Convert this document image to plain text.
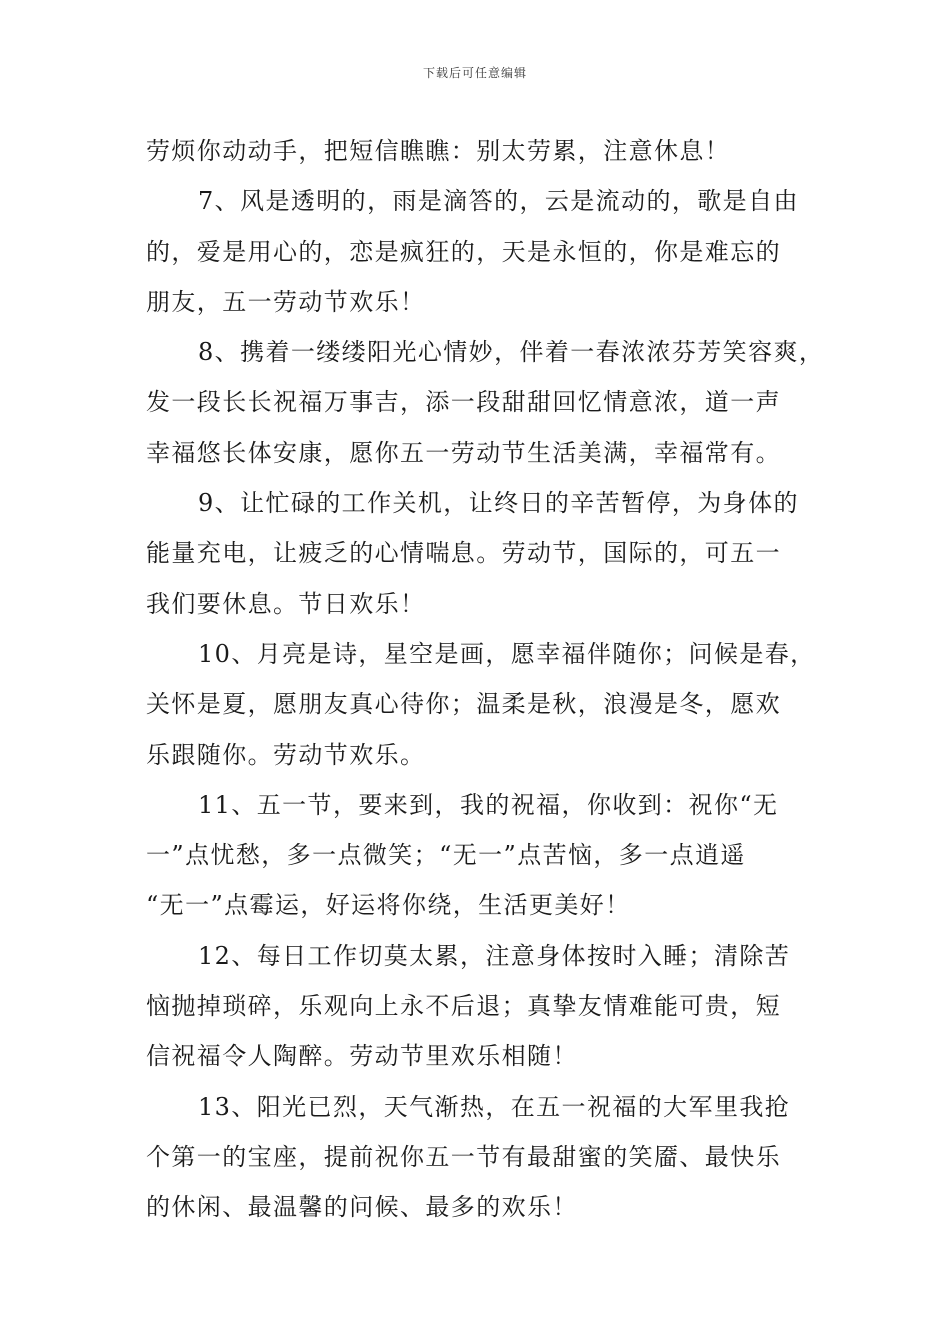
下载后可任意编辑
劳烦你动动手，把短信瞧瞧：别太劳累，注意休息！
7、风是透明的，雨是滴答的，云是流动的，歌是自由
的，爱是用心的，恋是疯狂的，天是永恒的，你是难忘的
朋友，五一劳动节欢乐！
8、携着一缕缕阳光心情妙，伴着一春浓浓芬芳笑容爽，
发一段长长祝福万事吉，添一段甜甜回忆情意浓，道一声
幸福悠长体安康，愿你五一劳动节生活美满，幸福常有。
9、让忙碌的工作关机，让终日的辛苦暂停，为身体的
能量充电，让疲乏的心情喘息。劳动节，国际的，可五一
我们要休息。节日欢乐！
10、月亮是诗，星空是画，愿幸福伴随你；问候是春，
关怀是夏，愿朋友真心待你；温柔是秋，浪漫是冬，愿欢
乐跟随你。劳动节欢乐。
11、五一节，要来到，我的祝福，你收到：祝你“无
一”点忧愁，多一点微笑；“无一”点苦恼，多一点逍遥
“无一”点霉运，好运将你绕，生活更美好！
12、每日工作切莫太累，注意身体按时入睡；清除苦
恼抛掉琐碎，乐观向上永不后退；真挚友情难能可贵，短
信祝福令人陶醉。劳动节里欢乐相随！
13、阳光已烈，天气渐热，在五一祝福的大军里我抢
个第一的宝座，提前祝你五一节有最甜蜜的笑靥、最快乐
的休闲、最温馨的问候、最多的欢乐！
